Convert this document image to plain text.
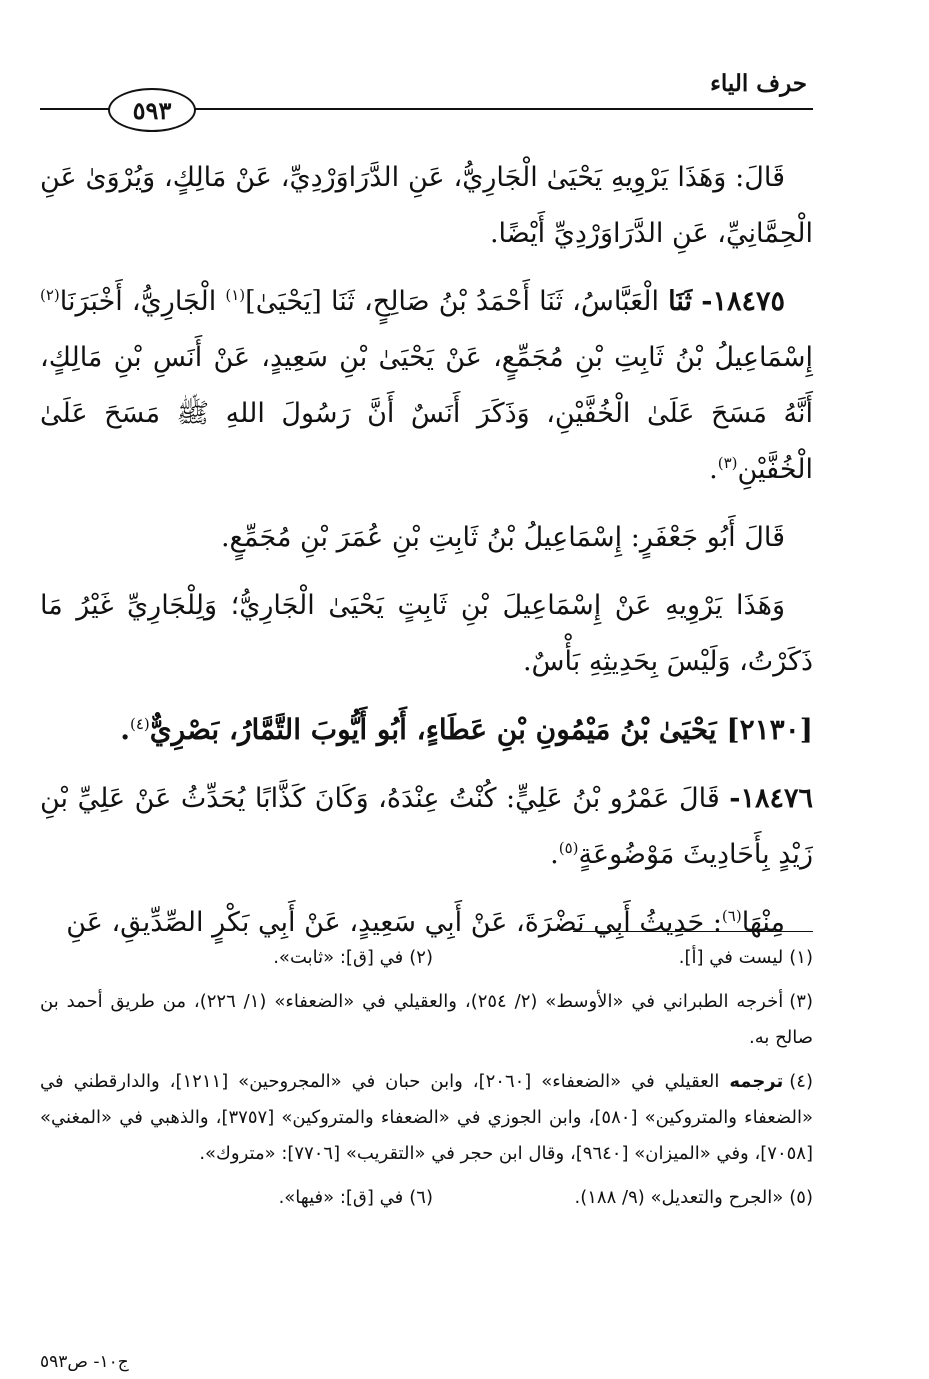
حرف الياء
٥٩٣

قَالَ: وَهَذَا يَرْوِيهِ يَحْيَىٰ الْجَارِيُّ، عَنِ الدَّرَاوَرْدِيِّ، عَنْ مَالِكٍ، وَيُرْوَىٰ عَنِ الْحِمَّانِيِّ، عَنِ الدَّرَاوَرْدِيِّ أَيْضًا.

١٨٤٧٥- ثَنَا الْعَبَّاسُ، ثَنَا أَحْمَدُ بْنُ صَالِحٍ، ثَنَا [يَحْيَىٰ]$^{(١)}$ الْجَارِيُّ، أَخْبَرَنَا$^{(٢)}$ إِسْمَاعِيلُ بْنُ ثَابِتِ بْنِ مُجَمِّعٍ، عَنْ يَحْيَىٰ بْنِ سَعِيدٍ، عَنْ أَنَسِ بْنِ مَالِكٍ، أَنَّهُ مَسَحَ عَلَىٰ الْخُفَّيْنِ، وَذَكَرَ أَنَسٌ أَنَّ رَسُولَ اللهِ ﷺ مَسَحَ عَلَىٰ الْخُفَّيْنِ$^{(٣)}$.

قَالَ أَبُو جَعْفَرٍ: إِسْمَاعِيلُ بْنُ ثَابِتِ بْنِ عُمَرَ بْنِ مُجَمِّعٍ.

وَهَذَا يَرْوِيهِ عَنْ إِسْمَاعِيلَ بْنِ ثَابِتٍ يَحْيَىٰ الْجَارِيُّ؛ وَلِلْجَارِيِّ غَيْرُ مَا ذَكَرْتُ، وَلَيْسَ بِحَدِيثِهِ بَأْسٌ.

[٢١٣٠] يَحْيَىٰ بْنُ مَيْمُونِ بْنِ عَطَاءٍ، أَبُو أَيُّوبَ التَّمَّارُ، بَصْرِيٌّ$^{(٤)}$.

١٨٤٧٦- قَالَ عَمْرُو بْنُ عَلِيٍّ: كُنْتُ عِنْدَهُ، وَكَانَ كَذَّابًا يُحَدِّثُ عَنْ عَلِيِّ بْنِ زَيْدٍ بِأَحَادِيثَ مَوْضُوعَةٍ$^{(٥)}$.

مِنْهَا$^{(٦)}$: حَدِيثُ أَبِي نَضْرَةَ، عَنْ أَبِي سَعِيدٍ، عَنْ أَبِي بَكْرٍ الصِّدِّيقِ، عَنِ

(١)ليست في [أ].
(٢)في [ق]: «ثابت».
(٣)أخرجه الطبراني في «الأوسط» (٢/ ٢٥٤)، والعقيلي في «الضعفاء» (١/ ٢٢٦)، من طريق أحمد بن صالح به.
(٤)ترجمه العقيلي في «الضعفاء» [٢٠٦٠]، وابن حبان في «المجروحين» [١٢١١]، والدارقطني في «الضعفاء والمتروكين» [٥٨٠]، وابن الجوزي في «الضعفاء والمتروكين» [٣٧٥٧]، والذهبي في «المغني» [٧٠٥٨]، وفي «الميزان» [٩٦٤٠]، وقال ابن حجر في «التقريب» [٧٧٠٦]: «متروك».
(٥)«الجرح والتعديل» (٩/ ١٨٨).
(٦)في [ق]: «فيها».
ج١٠- ص٥٩٣
